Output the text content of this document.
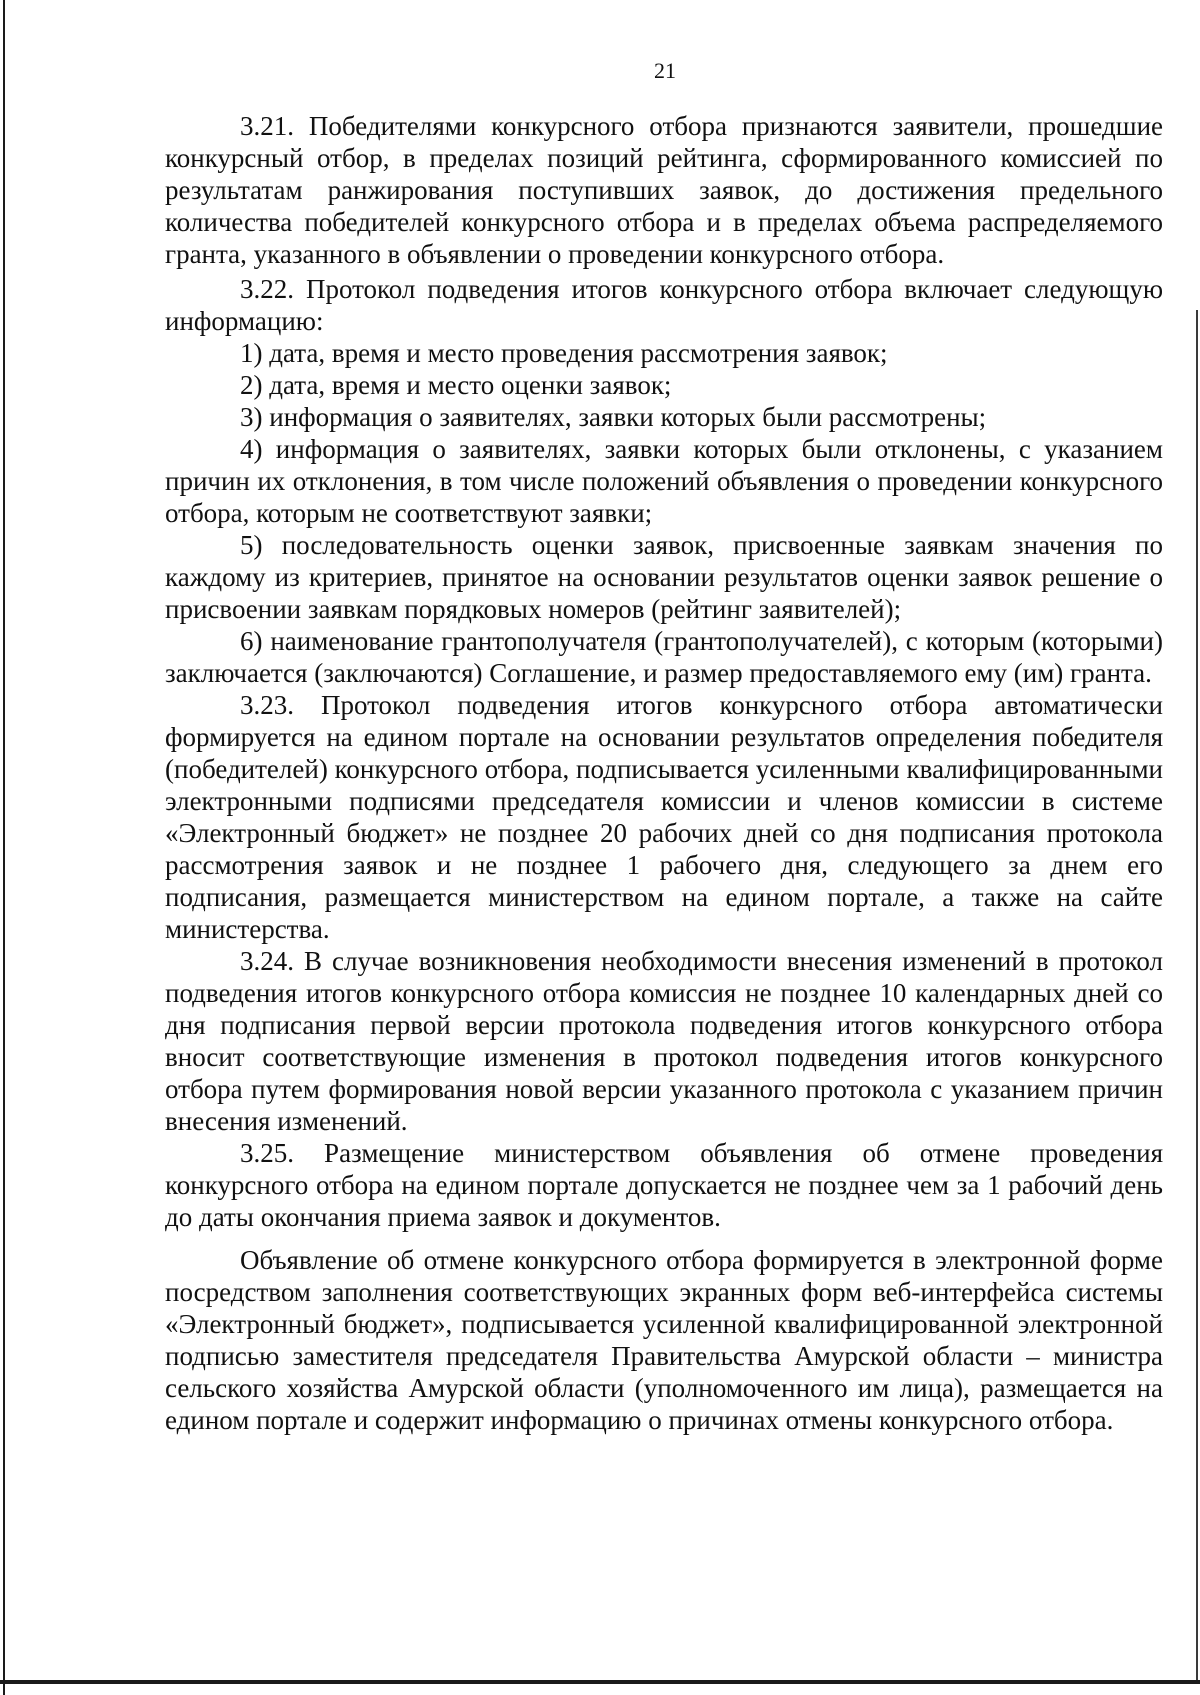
21

3.21. Победителями конкурсного отбора признаются заявители, прошедшие конкурсный отбор, в пределах позиций рейтинга, сформированного комиссией по результатам ранжирования поступивших заявок, до достижения предельного количества победителей конкурсного отбора и в пределах объема распределяемого гранта, указанного в объявлении о проведении конкурсного отбора.

3.22. Протокол подведения итогов конкурсного отбора включает следующую информацию:

1) дата, время и место проведения рассмотрения заявок;

2) дата, время и место оценки заявок;

3) информация о заявителях, заявки которых были рассмотрены;

4) информация о заявителях, заявки которых были отклонены, с указанием причин их отклонения, в том числе положений объявления о проведении конкурсного отбора, которым не соответствуют заявки;

5) последовательность оценки заявок, присвоенные заявкам значения по каждому из критериев, принятое на основании результатов оценки заявок решение о присвоении заявкам порядковых номеров (рейтинг заявителей);

6) наименование грантополучателя (грантополучателей), с которым (которыми) заключается (заключаются) Соглашение, и размер предоставляемого ему (им) гранта.

3.23. Протокол подведения итогов конкурсного отбора автоматически формируется на едином портале на основании результатов определения победителя (победителей) конкурсного отбора, подписывается усиленными квалифицированными электронными подписями председателя комиссии и членов комиссии в системе «Электронный бюджет» не позднее 20 рабочих дней со дня подписания протокола рассмотрения заявок и не позднее 1 рабочего дня, следующего за днем его подписания, размещается министерством на едином портале, а также на сайте министерства.

3.24. В случае возникновения необходимости внесения изменений в протокол подведения итогов конкурсного отбора комиссия не позднее 10 календарных дней со дня подписания первой версии протокола подведения итогов конкурсного отбора вносит соответствующие изменения в протокол подведения итогов конкурсного отбора путем формирования новой версии указанного протокола с указанием причин внесения изменений.

3.25. Размещение министерством объявления об отмене проведения конкурсного отбора на едином портале допускается не позднее чем за 1 рабочий день до даты окончания приема заявок и документов.

Объявление об отмене конкурсного отбора формируется в электронной форме посредством заполнения соответствующих экранных форм веб-интерфейса системы «Электронный бюджет», подписывается усиленной квалифицированной электронной подписью заместителя председателя Правительства Амурской области – министра сельского хозяйства Амурской области (уполномоченного им лица), размещается на едином портале и содержит информацию о причинах отмены конкурсного отбора.
